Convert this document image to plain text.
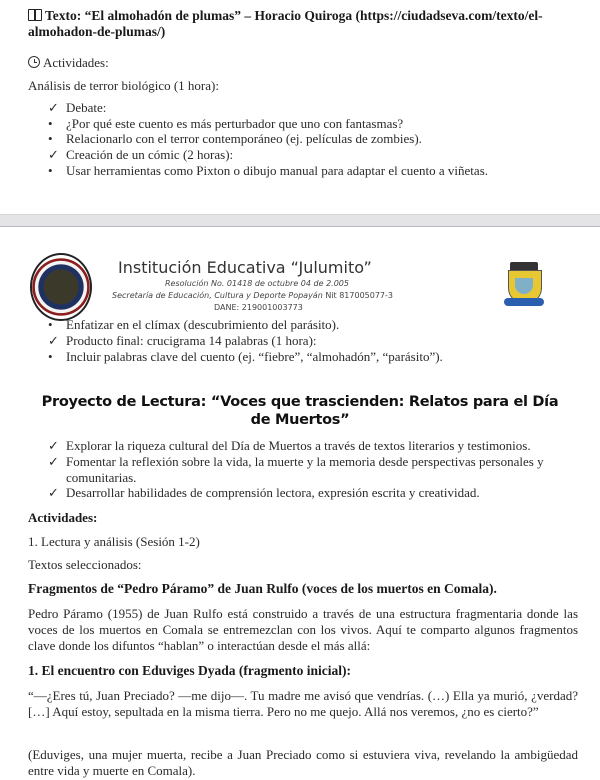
Texto: “El almohadón de plumas” – Horacio Quiroga (https://ciudadseva.com/texto/el-almohadon-de-plumas/)
Actividades:
Análisis de terror biológico (1 hora):
✓ Debate:
•	¿Por qué este cuento es más perturbador que uno con fantasmas?
•	Relacionarlo con el terror contemporáneo (ej. películas de zombies).
✓ Creación de un cómic (2 horas):
•	Usar herramientas como Pixton o dibujo manual para adaptar el cuento a viñetas.
Institución Educativa “Julumito”
Resolución No. 01418 de octubre 04 de 2.005
Secretaría de Educación, Cultura y Deporte Popayán Nit 817005077-3
DANE: 219001003773
•	Enfatizar en el clímax (descubrimiento del parásito).
✓ Producto final: crucigrama 14 palabras (1 hora):
•	Incluir palabras clave del cuento (ej. “fiebre”, “almohadón”, “parásito”).
Proyecto de Lectura: “Voces que trascienden: Relatos para el Día de Muertos”
✓ Explorar la riqueza cultural del Día de Muertos a través de textos literarios y testimonios.
✓ Fomentar la reflexión sobre la vida, la muerte y la memoria desde perspectivas personales y comunitarias.
✓ Desarrollar habilidades de comprensión lectora, expresión escrita y creatividad.
Actividades:
1. Lectura y análisis (Sesión 1-2)
Textos seleccionados:
Fragmentos de “Pedro Páramo” de Juan Rulfo (voces de los muertos en Comala).
Pedro Páramo (1955) de Juan Rulfo está construido a través de una estructura fragmentaria donde las voces de los muertos en Comala se entremezclan con los vivos. Aquí te comparto algunos fragmentos clave donde los difuntos “hablan” o interactúan desde el más allá:
1. El encuentro con Eduviges Dyada (fragmento inicial):
“—¿Eres tú, Juan Preciado? —me dijo—. Tu madre me avisó que vendrías. (…) Ella ya murió, ¿verdad? […] Aquí estoy, sepultada en la misma tierra. Pero no me quejo. Allá nos veremos, ¿no es cierto?”
(Eduviges, una mujer muerta, recibe a Juan Preciado como si estuviera viva, revelando la ambigüedad entre vida y muerte en Comala).
